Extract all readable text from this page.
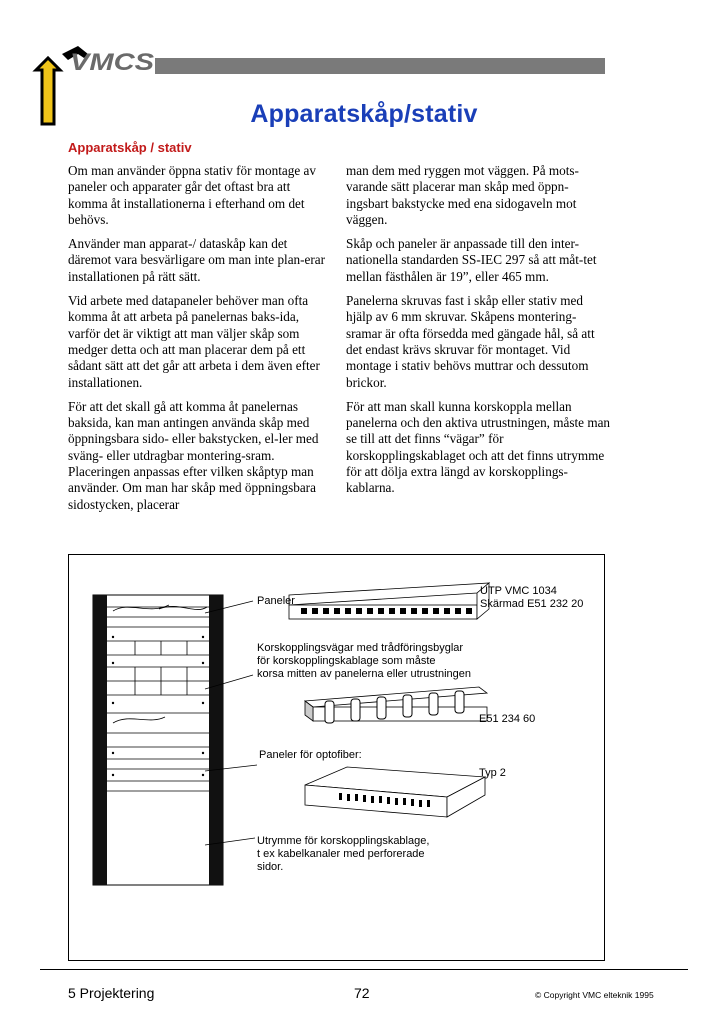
VMCS
Apparatskåp/stativ
Apparatskåp / stativ

Om man använder öppna stativ för montage av paneler och apparater går det oftast bra att komma åt installationerna i efterhand om det behövs.

Använder man apparat-/ dataskåp kan det däremot vara besvärligare om man inte plan-erar installationen på rätt sätt.

Vid arbete med datapaneler behöver man ofta komma åt att arbeta på panelernas baks-ida, varför det är viktigt att man väljer skåp som medger detta och att man placerar dem på ett sådant sätt att det går att arbeta i dem även efter installationen.

För att det skall gå att komma åt panelernas baksida, kan man antingen använda skåp med öppningsbara sido- eller bakstycken, el-ler med sväng- eller utdragbar montering-sram. Placeringen anpassas efter vilken skåptyp man använder. Om man har skåp med öppningsbara sidostycken, placerar

man dem med ryggen mot väggen. På mots-varande sätt placerar man skåp med öppn-ingsbart bakstycke med ena sidogaveln mot väggen.

Skåp och paneler är anpassade till den inter-nationella standarden SS-IEC 297 så att måt-tet mellan fästhålen är 19”, eller 465 mm.

Panelerna skruvas fast i skåp eller stativ med hjälp av 6 mm skruvar. Skåpens montering-sramar är ofta försedda med gängade hål, så att det endast krävs skruvar för montaget. Vid montage i stativ behövs muttrar och dessutom brickor.

För att man skall kunna korskoppla mellan panelerna och den aktiva utrustningen, måste man se till att det finns “vägar” för korskopplingskablaget och att det finns utrymme för att dölja extra längd av korskopplings-kablarna.

Paneler
UTP VMC 1034
Skärmad E51 232 20
Korskopplingsvägar med trådföringsbyglar
för korskopplingskablage som måste
korsa mitten av panelerna eller utrustningen
E51 234 60
Paneler för optofiber:
Typ 2
Utrymme för korskopplingskablage,
t ex kabelkanaler med perforerade
sidor.
5 Projektering	72	© Copyright VMC elteknik 1995
